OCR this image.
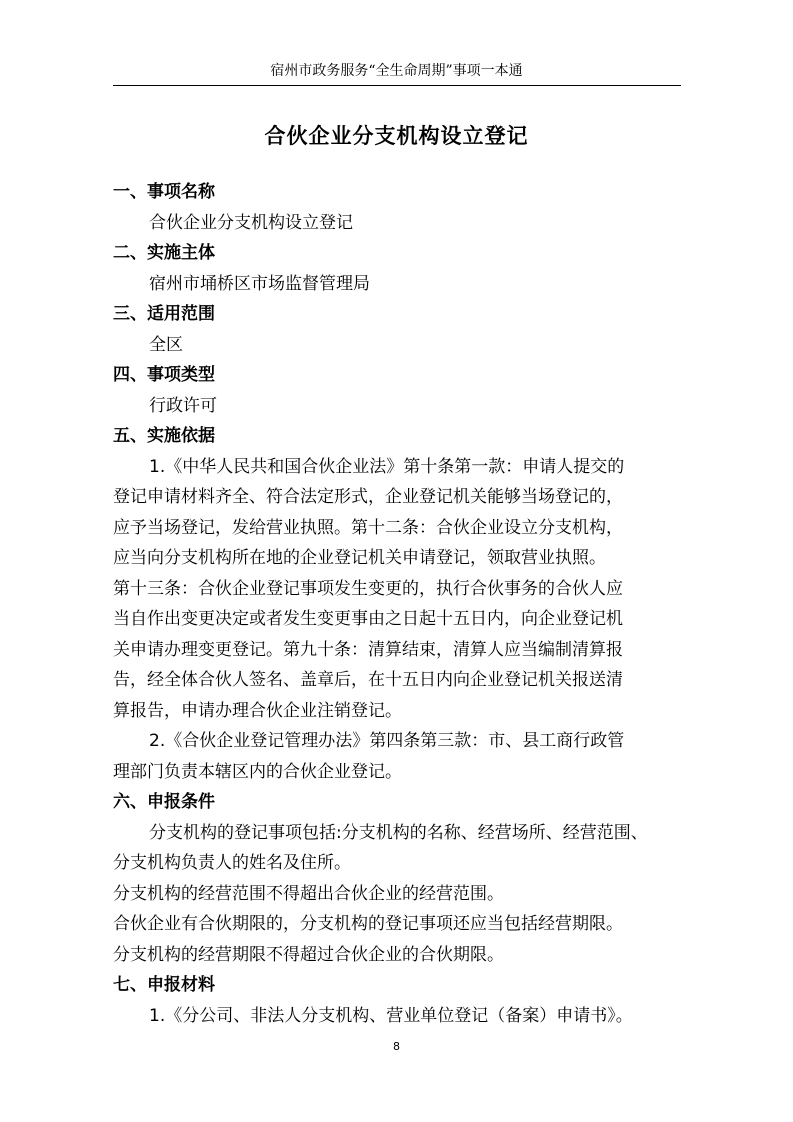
宿州市政务服务“全生命周期”事项一本通
合伙企业分支机构设立登记
一、事项名称
合伙企业分支机构设立登记
二、实施主体
宿州市埇桥区市场监督管理局
三、适用范围
全区
四、事项类型
行政许可
五、实施依据
1.《中华人民共和国合伙企业法》第十条第一款：申请人提交的
登记申请材料齐全、符合法定形式，企业登记机关能够当场登记的，
应予当场登记，发给营业执照。第十二条：合伙企业设立分支机构，
应当向分支机构所在地的企业登记机关申请登记，领取营业执照。
第十三条：合伙企业登记事项发生变更的，执行合伙事务的合伙人应
当自作出变更决定或者发生变更事由之日起十五日内，向企业登记机
关申请办理变更登记。第九十条：清算结束，清算人应当编制清算报
告，经全体合伙人签名、盖章后，在十五日内向企业登记机关报送清
算报告，申请办理合伙企业注销登记。
2.《合伙企业登记管理办法》第四条第三款：市、县工商行政管
理部门负责本辖区内的合伙企业登记。
六、申报条件
分支机构的登记事项包括:分支机构的名称、经营场所、经营范围、
分支机构负责人的姓名及住所。
分支机构的经营范围不得超出合伙企业的经营范围。
合伙企业有合伙期限的，分支机构的登记事项还应当包括经营期限。
分支机构的经营期限不得超过合伙企业的合伙期限。
七、申报材料
1.《分公司、非法人分支机构、营业单位登记（备案）申请书》。
8
